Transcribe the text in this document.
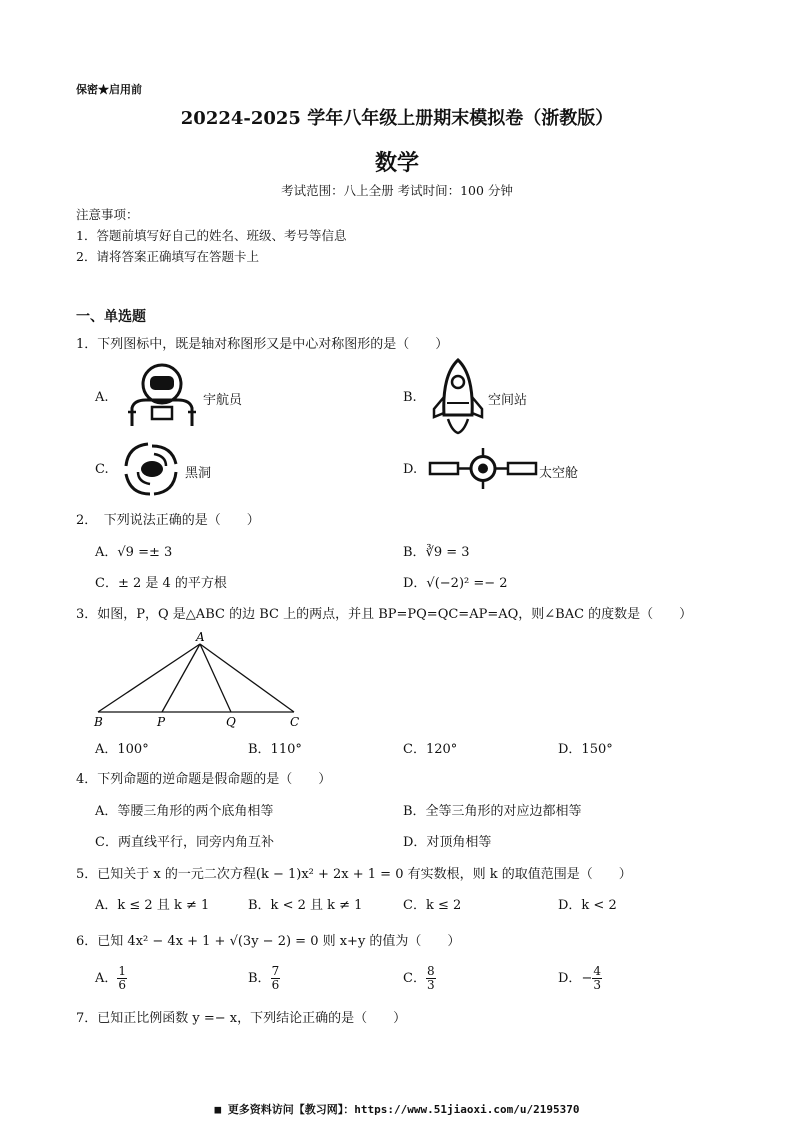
保密★启用前
20224-2025 学年八年级上册期末模拟卷（浙教版）
数学
考试范围：八上全册 考试时间：100 分钟
注意事项：
1．答题前填写好自己的姓名、班级、考号等信息
2．请将答案正确填写在答题卡上
一、单选题
1．下列图标中，既是轴对称图形又是中心对称图形的是（　　）
A.	宇航员	B.	空间站
C.	黑洞	D.	太空舱
2．　下列说法正确的是（　　）
A．√9 =± 3	B．∛9 = 3
C．± 2 是 4 的平方根	D．√(−2)² =− 2
3．如图，P，Q 是△ABC 的边 BC 上的两点，并且 BP=PQ=QC=AP=AQ，则∠BAC 的度数是（　　）
A
B	P	Q	C
A．100°	B．110°	C．120°	D．150°
4．下列命题的逆命题是假命题的是（　　）
A．等腰三角形的两个底角相等	B．全等三角形的对应边都相等
C．两直线平行，同旁内角互补	D．对顶角相等
5．已知关于 x 的一元二次方程(k − 1)x² + 2x + 1 = 0 有实数根，则 k 的取值范围是（　　）
A．k ≤ 2 且 k ≠ 1	B．k < 2 且 k ≠ 1	C．k ≤ 2	D．k < 2
6．已知 4x² − 4x + 1 + √(3y − 2) = 0 则 x+y 的值为（　　）
A． $\frac{1}{6}$	B． $\frac{7}{6}$	C． $\frac{8}{3}$	D．− $\frac{4}{3}$
7．已知正比例函数 y =− x，下列结论正确的是（　　）
■ 更多资料访问【教习网】：https://www.51jiaoxi.com/u/2195370
